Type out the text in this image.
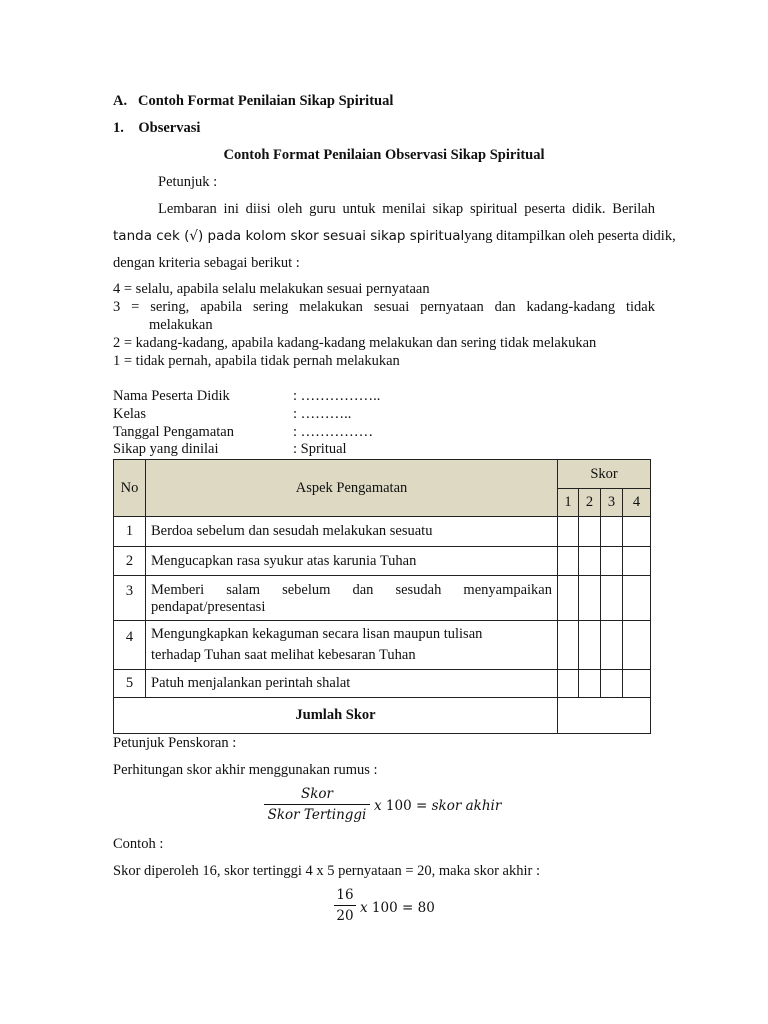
A.   Contoh Format Penilaian Sikap Spiritual
1.    Observasi
Contoh Format Penilaian Observasi Sikap Spiritual
Petunjuk :
Lembaran ini diisi oleh guru untuk menilai sikap spiritual peserta didik. Berilah
tanda cek (√) pada kolom skor sesuai sikap spiritual yang ditampilkan oleh peserta didik,
dengan kriteria sebagai berikut :
4 = selalu, apabila selalu melakukan sesuai pernyataan
3 = sering, apabila sering melakukan sesuai pernyataan dan kadang-kadang tidak
melakukan
2 = kadang-kadang, apabila kadang-kadang melakukan dan sering tidak melakukan
1 = tidak pernah, apabila tidak pernah melakukan
Nama Peserta Didik	: ……………..
Kelas	: ………..
Tanggal Pengamatan	: ……………
Sikap yang dinilai	: Spritual
No	Aspek Pengamatan	Skor			
		1	2	3	4
1	Berdoa sebelum dan sesudah melakukan sesuatu				
2	Mengucapkan rasa syukur atas karunia Tuhan				
3	Memberi salam sebelum dan sesudah menyampaikan
pendapat/presentasi				

4	Mengungkapkan kekaguman secara lisan maupun tulisan
terhadap Tuhan saat melihat kebesaran Tuhan				

5	Patuh menjalankan perintah shalat				
Jumlah Skor					
Petunjuk Penskoran :
Perhitungan skor akhir menggunakan rumus :
Skor
Skor Tertinggi
x 100 = skor akhir
Contoh :
Skor diperoleh 16, skor tertinggi 4 x 5 pernyataan = 20, maka skor akhir :
16
20 x 100 = 80
